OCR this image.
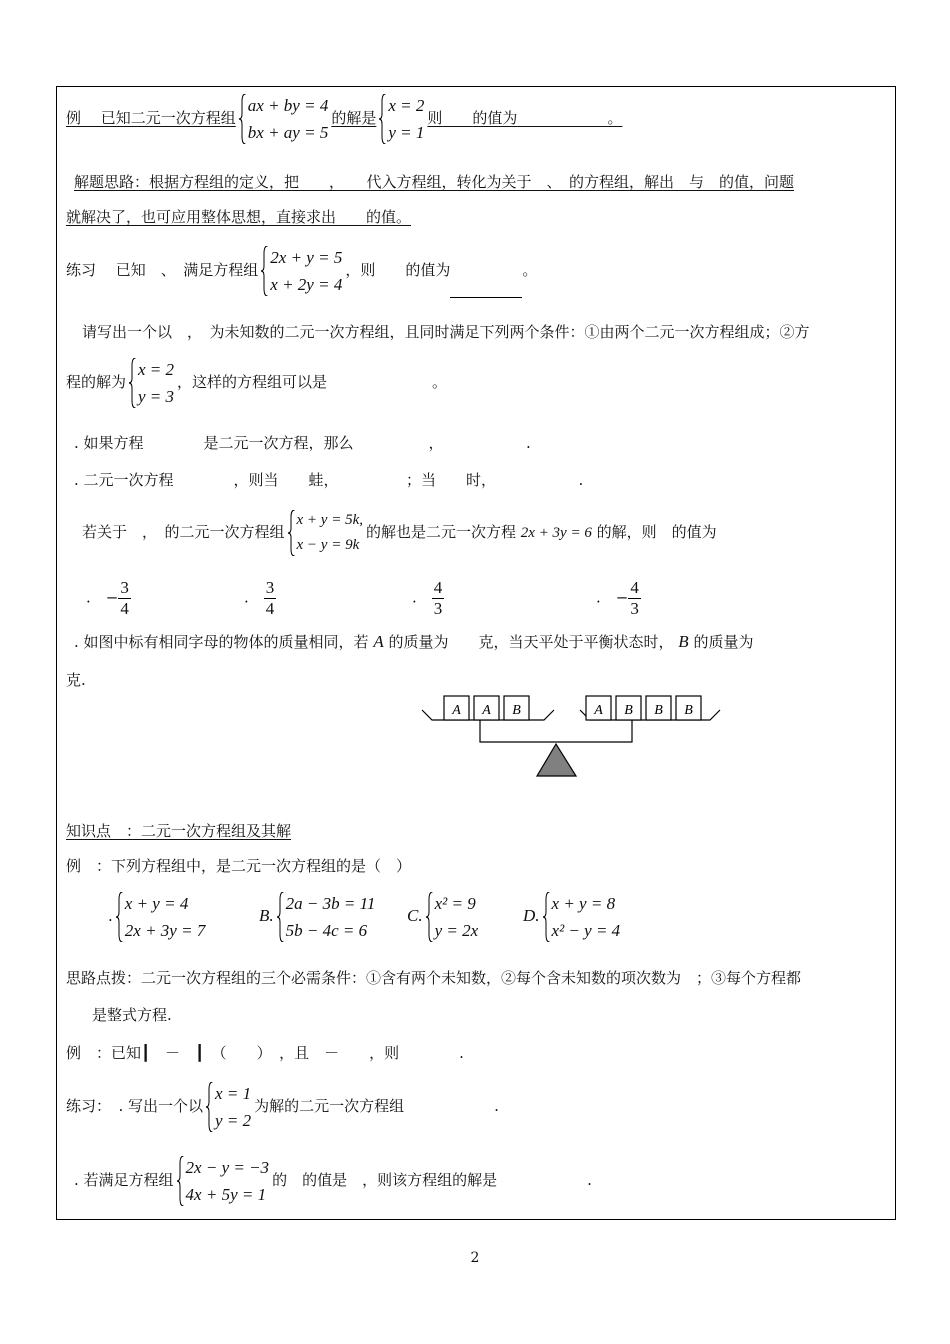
例　 已知二元一次方程组
ax + by = 4
bx + ay = 5
的解是
x = 2
y = 1
则　　 的值为　　　　　　	。
解题思路：根据方程组的定义，把　　，　　代入方程组，转化为关于　、　的方程组，解出　与　的值，问题
就解决了，也可应用整体思想，直接求出　　的值。
练习　 已知　、　满足方程组
2x + y = 5
x + 2y = 4
，则　　的值为	。
请写出一个以　，　为未知数的二元一次方程组，且同时满足下列两个条件：①由两个二元一次方程组成；②方
程的解为
x = 2
y = 3
，这样的方程组可以是　　　　　　　。
. 如果方程　　　　是二元一次方程，那么　　　　　，　　　　　　.
. 二元一次方程　　　　，则当　　蛙，　　　　　；当　　时，　　　　　　.
若关于　，　的二元一次方程组
x + y = 5k,
x − y = 9k
的解也是二元一次方程 2x + 3y = 6 的解，则　的值为
.　 − $\frac{3}{4}$	.　 $\frac{3}{4}$	.　 $\frac{4}{3}$	.　 − $\frac{4}{3}$
. 如图中标有相同字母的物体的质量相同，若 A 的质量为　　克，当天平处于平衡状态时， B 的质量为
克.
A A B	A B B B
知识点　：二元一次方程组及其解
例　：下列方程组中，是二元一次方程组的是（　）
.
x + y = 4
2x + 3y = 7
B.
2a − 3b = 11
5b − 4c = 6
C.
x² = 9
y = 2x
D.
x + y = 8
x² − y = 4
思路点拨：二元一次方程组的三个必需条件：①含有两个未知数，②每个含未知数的项次数为　；③每个方程都
是整式方程.
例　：已知┃　－　┃　（　　）　，且　－　　，则　　　　.
练习：　. 写出一个以
x = 1
y = 2
为解的二元一次方程组　　　　　　.
. 若满足方程组
2x − y = −3
4x + 5y = 1
的　的值是　，则该方程组的解是　　　　　　.
2
